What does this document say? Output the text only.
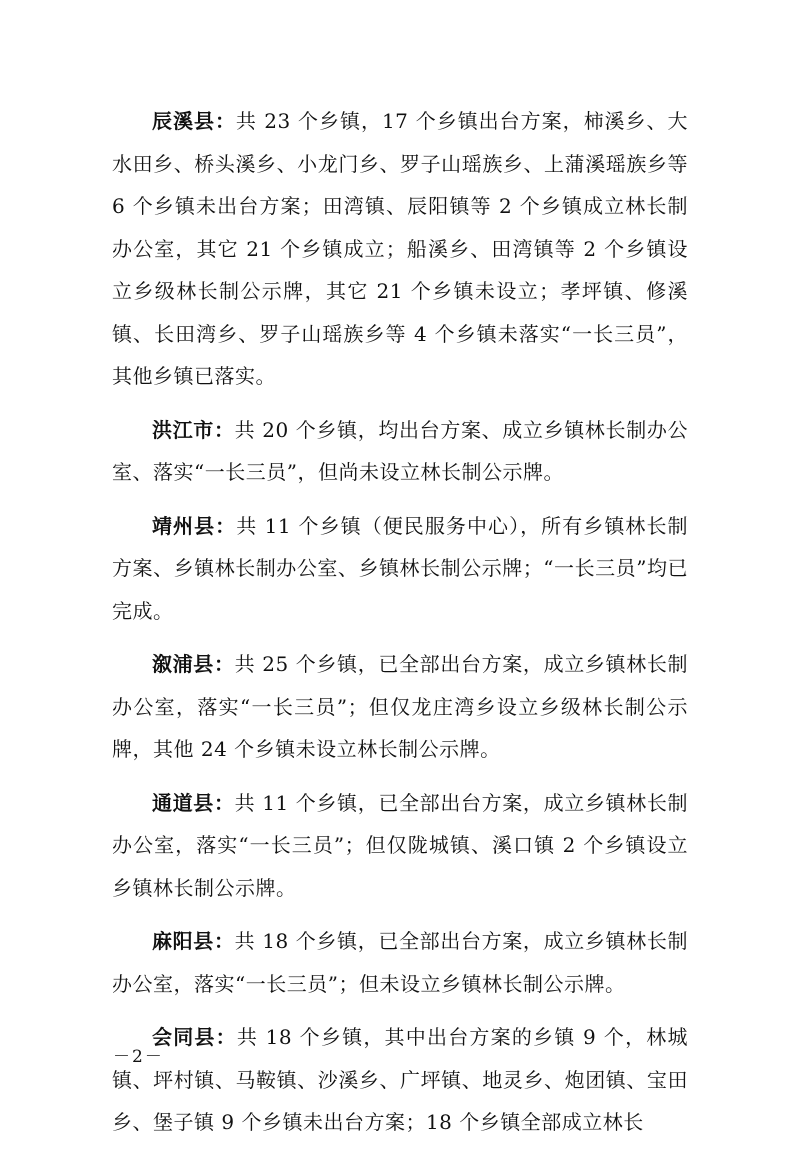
辰溪县：共 23 个乡镇，17 个乡镇出台方案，柿溪乡、大水田乡、桥头溪乡、小龙门乡、罗子山瑶族乡、上蒲溪瑶族乡等 6 个乡镇未出台方案；田湾镇、辰阳镇等 2 个乡镇成立林长制办公室，其它 21 个乡镇成立；船溪乡、田湾镇等 2 个乡镇设立乡级林长制公示牌，其它 21 个乡镇未设立；孝坪镇、修溪镇、长田湾乡、罗子山瑶族乡等 4 个乡镇未落实“一长三员”，其他乡镇已落实。

洪江市：共 20 个乡镇，均出台方案、成立乡镇林长制办公室、落实“一长三员”，但尚未设立林长制公示牌。

靖州县：共 11 个乡镇（便民服务中心），所有乡镇林长制方案、乡镇林长制办公室、乡镇林长制公示牌；“一长三员”均已完成。

溆浦县：共 25 个乡镇，已全部出台方案，成立乡镇林长制办公室，落实“一长三员”；但仅龙庄湾乡设立乡级林长制公示牌，其他 24 个乡镇未设立林长制公示牌。

通道县：共 11 个乡镇，已全部出台方案，成立乡镇林长制办公室，落实“一长三员”；但仅陇城镇、溪口镇 2 个乡镇设立乡镇林长制公示牌。

麻阳县：共 18 个乡镇，已全部出台方案，成立乡镇林长制办公室，落实“一长三员”；但未设立乡镇林长制公示牌。

会同县：共 18 个乡镇，其中出台方案的乡镇 9 个，林城镇、坪村镇、马鞍镇、沙溪乡、广坪镇、地灵乡、炮团镇、宝田乡、堡子镇 9 个乡镇未出台方案；18 个乡镇全部成立林长

－2－
